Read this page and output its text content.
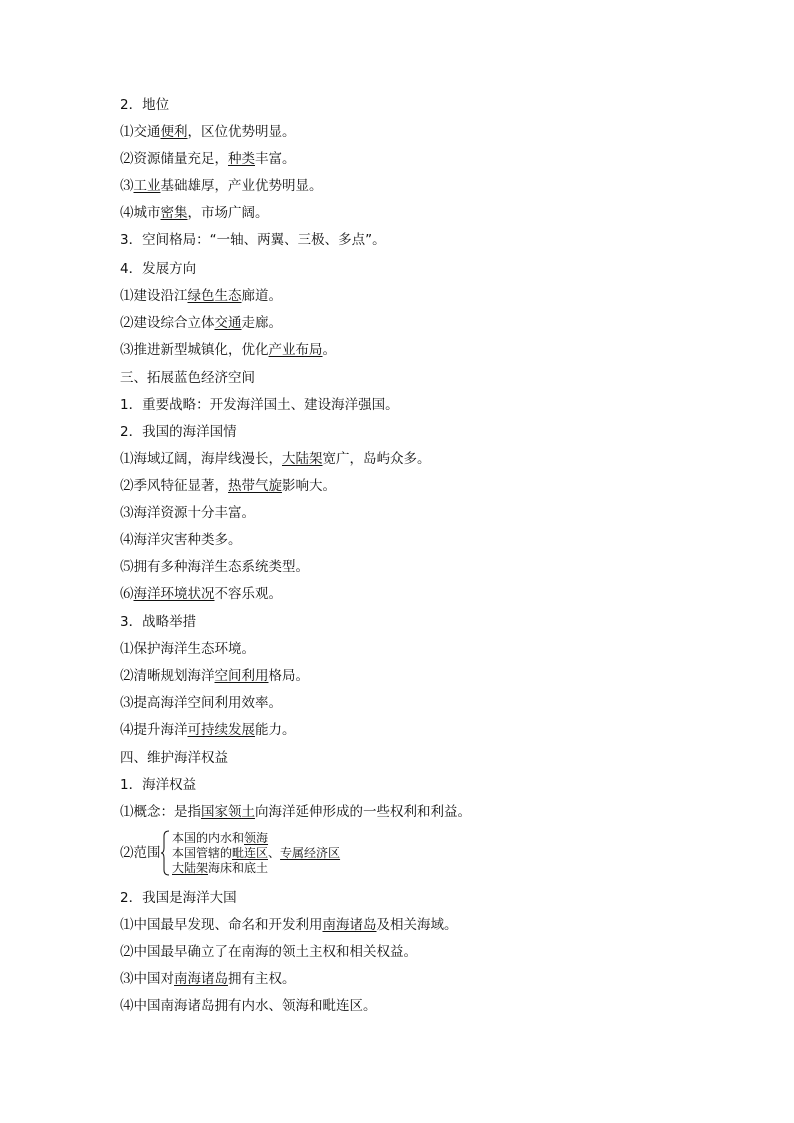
2．地位
⑴交通便利，区位优势明显。
⑵资源储量充足，种类丰富。
⑶工业基础雄厚，产业优势明显。
⑷城市密集，市场广阔。
3．空间格局：“一轴、两翼、三极、多点”。
4．发展方向
⑴建设沿江绿色生态廊道。
⑵建设综合立体交通走廊。
⑶推进新型城镇化，优化产业布局。
三、拓展蓝色经济空间
1．重要战略：开发海洋国土、建设海洋强国。
2．我国的海洋国情
⑴海域辽阔，海岸线漫长，大陆架宽广，岛屿众多。
⑵季风特征显著，热带气旋影响大。
⑶海洋资源十分丰富。
⑷海洋灾害种类多。
⑸拥有多种海洋生态系统类型。
⑹海洋环境状况不容乐观。
3．战略举措
⑴保护海洋生态环境。
⑵清晰规划海洋空间利用格局。
⑶提高海洋空间利用效率。
⑷提升海洋可持续发展能力。
四、维护海洋权益
1．海洋权益
⑴概念：是指国家领土向海洋延伸形成的一些权利和利益。
⑵范围
本国的内水和领海
本国管辖的毗连区、专属经济区
大陆架海床和底土
2．我国是海洋大国
⑴中国最早发现、命名和开发利用南海诸岛及相关海域。
⑵中国最早确立了在南海的领土主权和相关权益。
⑶中国对南海诸岛拥有主权。
⑷中国南海诸岛拥有内水、领海和毗连区。
